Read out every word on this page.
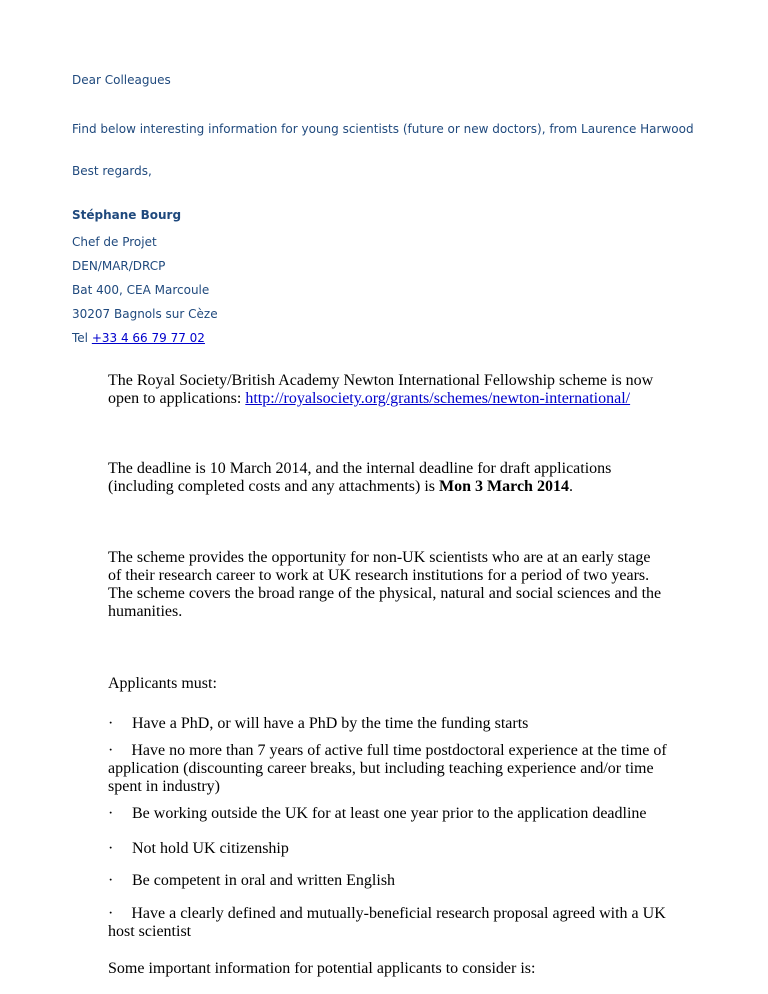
Dear Colleagues

Find below interesting information for young scientists (future or new doctors), from Laurence Harwood

Best regards,

Stéphane Bourg

Chef de Projet

DEN/MAR/DRCP

Bat 400, CEA Marcoule

30207 Bagnols sur Cèze

Tel +33 4 66 79 77 02

The Royal Society/British Academy Newton International Fellowship scheme is now open to applications: http://royalsociety.org/grants/schemes/newton-international/

The deadline is 10 March 2014, and the internal deadline for draft applications (including completed costs and any attachments) is Mon 3 March 2014.

The scheme provides the opportunity for non-UK scientists who are at an early stage of their research career to work at UK research institutions for a period of two years. The scheme covers the broad range of the physical, natural and social sciences and the humanities.

Applicants must:

· Have a PhD, or will have a PhD by the time the funding starts
· Have no more than 7 years of active full time postdoctoral experience at the time of application (discounting career breaks, but including teaching experience and/or time spent in industry)
· Be working outside the UK for at least one year prior to the application deadline
· Not hold UK citizenship
· Be competent in oral and written English
· Have a clearly defined and mutually-beneficial research proposal agreed with a UK host scientist

Some important information for potential applicants to consider is:
